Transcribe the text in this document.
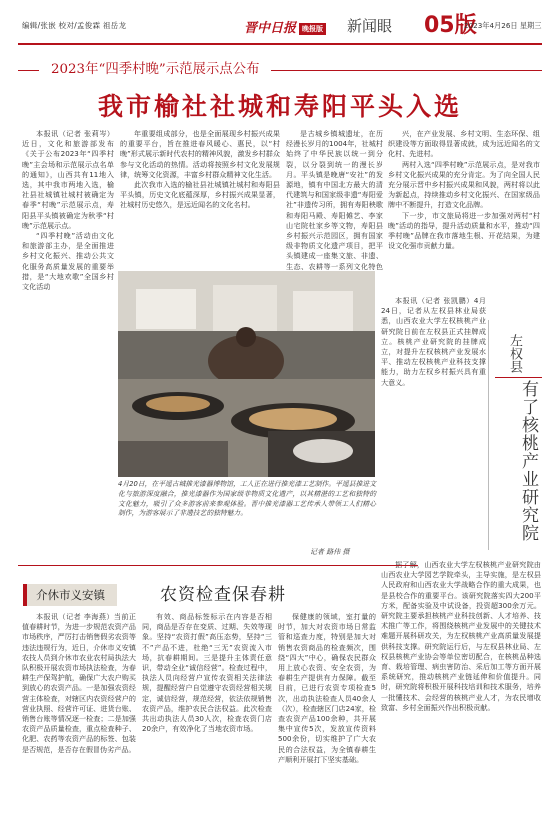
编辑/张嵌 校对/孟俊霖 祖岳龙	晋中日报 晚报版 新闻眼 05版
2023年4月26日 星期三
2023年“四季村晚”示范展示点公布
我市榆社社城和寿阳平头入选

本报讯（记者 张莉岑）近日，文化和旅游部发布《关于公布2023年“四季村晚”主会场和示范展示点名单的通知》，山西共有11地入选，其中我市两地入选，榆社县社城镇社城村被确定为春季“村晚”示范展示点，寿阳县平头镇被确定为秋季“村晚”示范展示点。

“四季村晚”活动由文化和旅游部主办，是全面推进乡村文化振兴、推动公共文化服务高质量发展的重要举措，是“大地欢歌”全国乡村文化活动

年重要组成部分，也是全面展现乡村振兴成果的重要平台，旨在推进春风暖心、惠民，以“村晚”形式展示新时代农村的精神风貌，激发乡村群众参与文化活动的热情。活动将按照乡村文化发展规律，统筹文化资源，丰富乡村群众精神文化生活。

此次我市入选的榆社县社城镇社城村和寿阳县平头镇，历史文化底蕴深厚，乡村振兴成果显著，社城村历史悠久，是远近闻名的文化名村。

是古城乡镇城遗址，在历经漫长岁月的1004年，社城村始终了中华民族以统一到分裂，以分裂到统一的漫长岁月。平头镇是晚唐“安社”的发源地，镇有中国北方最大的清代建筑与和国家级非遗“寿阳爱社”非遗传习所，拥有寿阳秧歌和寿阳马殿、寿阳傩艺、李家山宅院杜家乡等文物，寿阳县乡村振兴示范园区，拥有国家级非物质文化遗产项目，把平头镇建成一座集文旅、非遗、生态、农耕等一系列文化特色

兴，在产业发展、乡村文明、生态环保、组织建设等方面取得显著成就，成为远近闻名的文化村、先进村。

两村入选“四季村晚”示范展示点，是对我市乡村文化振兴成果的充分肯定。为了向全国人民充分展示晋中乡村振兴成果和风貌，两村将以此为新起点，持续推动乡村文化振兴、在国家级品牌中不断提升，打造文化品牌。

下一步，市文旅局将进一步加强对两村“村晚”活动的指导，提升活动质量和水平，推动“四季村晚”品牌在我市落地生根、开花结果，为建设文化强市贡献力量。

4月20日，在平遥古城推光漆器博物馆，工人正在进行推光漆工艺制作。平遥县推进文化与旅游深度融合，推光漆器作为国家级非物质文化遗产，以其精湛的工艺和独特的文化魅力，吸引了众多游客前来参观体验。晋中推光漆器工艺传承人带领工人们精心制作，为游客展示了非遗技艺的独特魅力。
记者 路伟 摄

本报讯（记者 张凯鹏）4月24日，记者从左权县林业局获悉，山西农业大学左权核桃产业研究院日前在左权县正式挂牌成立。核桃产业研究院的挂牌成立，对提升左权核桃产业发展水平、推动左权核桃产业科技支撑能力，助力左权乡村振兴具有重大意义。

左权县
有了核桃产业研究院

据了解，山西农业大学左权核桃产业研究院由山西农业大学园艺学院牵头，主导实施，是左权县人民政府和山西农业大学战略合作的重大成果，也是县校合作的重要平台。该研究院落实四大200平方米，配备实验及中试设备，投资超300余万元。研究院主要承担核桃产业科技创新、人才培养、技术推广等工作，将围绕核桃产业发展中的关键技术难题开展科研攻关，为左权核桃产业高质量发展提供科技支撑。研究院运行后，与左权县林业局、左权县核桃产业协会等单位密切配合，在核桃品种选育、栽培管理、病虫害防治、采后加工等方面开展系统研究，推动核桃产业链延伸和价值提升。同时，研究院将积极开展科技培训和技术服务，培养一批懂技术、会经营的核桃产业人才，为农民增收致富、乡村全面振兴作出积极贡献。

介休市义安镇	农资检查保春耕

本报讯（记者 李海燕）当前正值春耕时节，为进一步规范农资产品市场秩序，严厉打击销售假劣农资等违法违规行为，近日，介休市义安镇农技人员到介休市农业农村局执法大队积极开展农资市场执法检查，为春耕生产保驾护航，确保广大农户购买到放心的农资产品。一是加强农资经营主体检查，对辖区内农资经营户的营业执照、经营许可证、进货台账、销售台账等情况逐一检查；二是加强农资产品质量检查，重点检查种子、化肥、农药等农资产品的标签、包装是否规范，是否存在假冒伪劣产品。

有效、商品标签标示在内容是否相同，商品是否存在变质、过期、失效等现象。坚持“农资打假”高压态势，坚持“三不”产品不进，杜绝“三无”农资流入市场，抗春耕期间。三是提升主体责任意识，带动全业“诚信经营”。检查过程中，执法人员向经营户宣传农资相关法律法规，提醒经营户自觉遵守农资经营相关规定，诚信经营，规范经营，依法依规销售农资产品，维护农民合法权益。此次检查共出动执法人员30人次，检查农资门店20余户，有效净化了当地农资市场。

保健康的领域，室打量的时节，加大对农资市场日常监管和巡查力度，特别是加大对销售农资商品的检查频次，围绕“四大”中心，确保农民群众用上放心农资、安全农资，为春耕生产提供有力保障。截至目前，已进行农资专项检查5次，出动执法检查人员40余人（次），检查辖区门店24家，检查农资产品100余种，共开展集中宣传5次，发放宣传资料500余份，切实维护了广大农民的合法权益，为全镇春耕生产顺利开展打下坚实基础。
